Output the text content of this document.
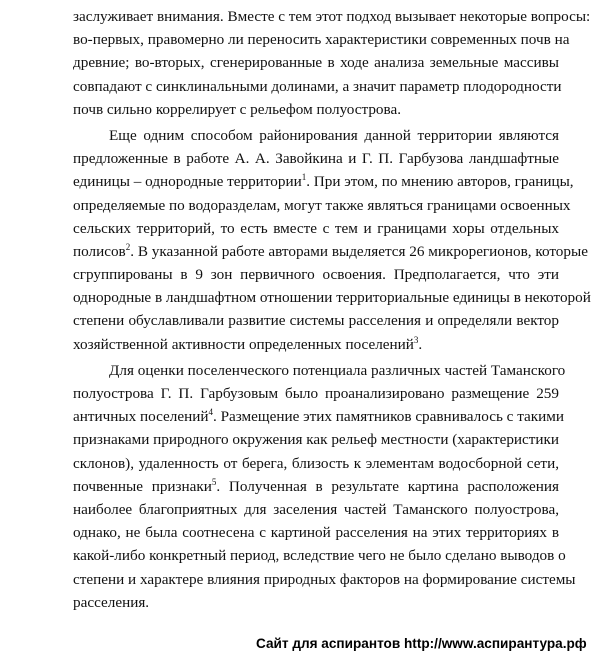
заслуживает внимания. Вместе с тем этот подход вызывает некоторые вопросы:
во-первых, правомерно ли переносить характеристики современных почв на
древние; во-вторых, сгенерированные в ходе анализа земельные массивы
совпадают с синклинальными долинами, а значит параметр плодородности
почв сильно коррелирует с рельефом полуострова.
Еще одним способом районирования данной территории являются
предложенные в работе А. А. Завойкина и Г. П. Гарбузова ландшафтные
единицы – однородные территории$^1$. При этом, по мнению авторов, границы,
определяемые по водоразделам, могут также являться границами освоенных
сельских территорий, то есть вместе с тем и границами хоры отдельных
полисов$^2$. В указанной работе авторами выделяется 26 микрорегионов, которые
сгруппированы в 9 зон первичного освоения. Предполагается, что эти
однородные в ландшафтном отношении территориальные единицы в некоторой
степени обуславливали развитие системы расселения и определяли вектор
хозяйственной активности определенных поселений$^3$.
Для оценки поселенческого потенциала различных частей Таманского
полуострова Г. П. Гарбузовым было проанализировано размещение 259
античных поселений$^4$. Размещение этих памятников сравнивалось с такими
признаками природного окружения как рельеф местности (характеристики
склонов), удаленность от берега, близость к элементам водосборной сети,
почвенные признаки$^5$. Полученная в результате картина расположения
наиболее благоприятных для заселения частей Таманского полуострова,
однако, не была соотнесена с картиной расселения на этих территориях в
какой-либо конкретный период, вследствие чего не было сделано выводов о
степени и характере влияния природных факторов на формирование системы
расселения.
Сайт для аспирантов http://www.аспирантура.рф
